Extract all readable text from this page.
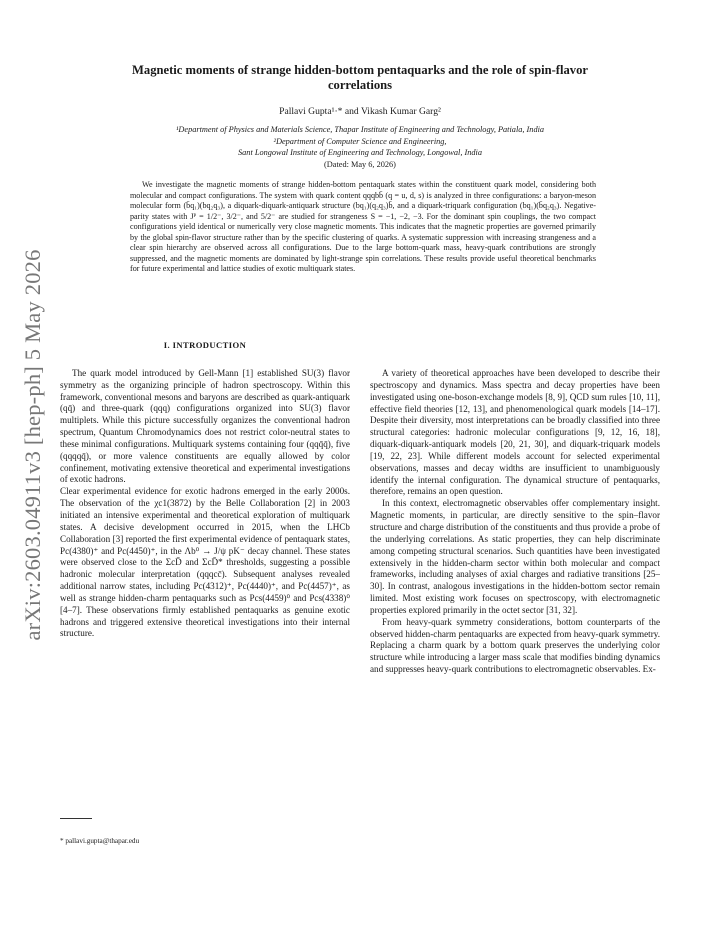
arXiv:2603.04911v3 [hep-ph] 5 May 2026
Magnetic moments of strange hidden-bottom pentaquarks and the role of spin-flavor
correlations
Pallavi Gupta¹·* and Vikash Kumar Garg²
¹Department of Physics and Materials Science, Thapar Institute of Engineering and Technology, Patiala, India
²Department of Computer Science and Engineering,
Sant Longowal Institute of Engineering and Technology, Longowal, India
(Dated: May 6, 2026)
We investigate the magnetic moments of strange hidden-bottom pentaquark states within the constituent quark model, considering both molecular and compact configurations. The system with quark content qqqbb̄ (q = u, d, s) is analyzed in three configurations: a baryon-meson molecular form (b̄q₁)(bq₂q₃), a diquark-diquark-antiquark structure (bq₁)(q₂q₃)b̄, and a diquark-triquark configuration (bq₁)(b̄q₂q₃). Negative-parity states with Jᴾ = 1/2⁻, 3/2⁻, and 5/2⁻ are studied for strangeness S = −1, −2, −3. For the dominant spin couplings, the two compact configurations yield identical or numerically very close magnetic moments. This indicates that the magnetic properties are governed primarily by the global spin-flavor structure rather than by the specific clustering of quarks. A systematic suppression with increasing strangeness and a clear spin hierarchy are observed across all configurations. Due to the large bottom-quark mass, heavy-quark contributions are strongly suppressed, and the magnetic moments are dominated by light-strange spin correlations. These results provide useful theoretical benchmarks for future experimental and lattice studies of exotic multiquark states.
I. INTRODUCTION

The quark model introduced by Gell-Mann [1] established SU(3) flavor symmetry as the organizing principle of hadron spectroscopy. Within this framework, conventional mesons and baryons are described as quark-antiquark (qq̄) and three-quark (qqq) configurations organized into SU(3) flavor multiplets. While this picture successfully organizes the conventional hadron spectrum, Quantum Chromodynamics does not restrict color-neutral states to these minimal configurations. Multiquark systems containing four (qqq̄q̄), five (qqqqq̄), or more valence constituents are equally allowed by color confinement, motivating extensive theoretical and experimental investigations of exotic hadrons.

Clear experimental evidence for exotic hadrons emerged in the early 2000s. The observation of the χc1(3872) by the Belle Collaboration [2] in 2003 initiated an intensive experimental and theoretical exploration of multiquark states. A decisive development occurred in 2015, when the LHCb Collaboration [3] reported the first experimental evidence of pentaquark states, Pc(4380)⁺ and Pc(4450)⁺, in the Λb⁰ → J/ψ pK⁻ decay channel. These states were observed close to the ΣcD̄ and ΣcD̄* thresholds, suggesting a possible hadronic molecular interpretation (qqqcc̄). Subsequent analyses revealed additional narrow states, including Pc(4312)⁺, Pc(4440)⁺, and Pc(4457)⁺, as well as strange hidden-charm pentaquarks such as Pcs(4459)⁰ and Pcs(4338)⁰ [4–7]. These observations firmly established pentaquarks as genuine exotic hadrons and triggered extensive theoretical investigations into their internal structure.

A variety of theoretical approaches have been developed to describe their spectroscopy and dynamics. Mass spectra and decay properties have been investigated using one-boson-exchange models [8, 9], QCD sum rules [10, 11], effective field theories [12, 13], and phenomenological quark models [14–17]. Despite their diversity, most interpretations can be broadly classified into three structural categories: hadronic molecular configurations [9, 12, 16, 18], diquark-diquark-antiquark models [20, 21, 30], and diquark-triquark models [19, 22, 23]. While different models account for selected experimental observations, masses and decay widths are insufficient to unambiguously identify the internal configuration. The dynamical structure of pentaquarks, therefore, remains an open question.

In this context, electromagnetic observables offer complementary insight. Magnetic moments, in particular, are directly sensitive to the spin–flavor structure and charge distribution of the constituents and thus provide a probe of the underlying correlations. As static properties, they can help discriminate among competing structural scenarios. Such quantities have been investigated extensively in the hidden-charm sector within both molecular and compact frameworks, including analyses of axial charges and radiative transitions [25–30]. In contrast, analogous investigations in the hidden-bottom sector remain limited. Most existing work focuses on spectroscopy, with electromagnetic properties explored primarily in the octet sector [31, 32].

From heavy-quark symmetry considerations, bottom counterparts of the observed hidden-charm pentaquarks are expected from heavy-quark symmetry. Replacing a charm quark by a bottom quark preserves the underlying color structure while introducing a larger mass scale that modifies binding dynamics and suppresses heavy-quark contributions to electromagnetic observables. Ex-

* pallavi.gupta@thapar.edu
